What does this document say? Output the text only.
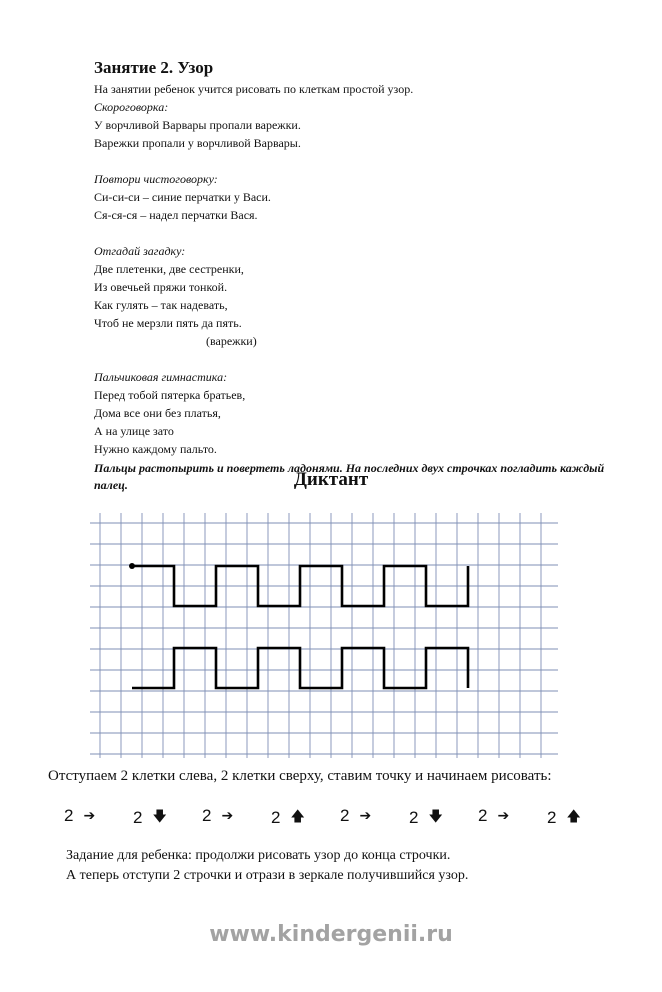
Занятие 2. Узор

На занятии ребенок учится рисовать по клеткам простой узор.

Скороговорка:

У ворчливой Варвары пропали варежки.

Варежки пропали у ворчливой Варвары.

Повтори чистоговорку:

Си-си-си – синие перчатки у Васи.

Ся-ся-ся – надел перчатки Вася.

Отгадай загадку:

Две плетенки, две сестренки,

Из овечьей пряжи тонкой.

Как гулять – так надевать,

Чтоб не мерзли пять да пять.

(варежки)

Пальчиковая гимнастика:

Перед тобой пятерка братьев,

Дома все они без платья,

А на улице зато

Нужно каждому пальто.

Пальцы растопырить и повертеть ладонями. На последних двух строчках погладить каждый палец.	Диктант

Отступаем 2 клетки слева, 2 клетки сверху, ставим точку и начинаем рисовать:

2 ➔ 2 🡇 2 ➔ 2 🡅 2 ➔ 2 🡇 2 ➔ 2 🡅

Задание для ребенка: продолжи рисовать узор до конца строчки.

А теперь отступи 2 строчки и отрази в зеркале получившийся узор.

www.kindergenii.ru
